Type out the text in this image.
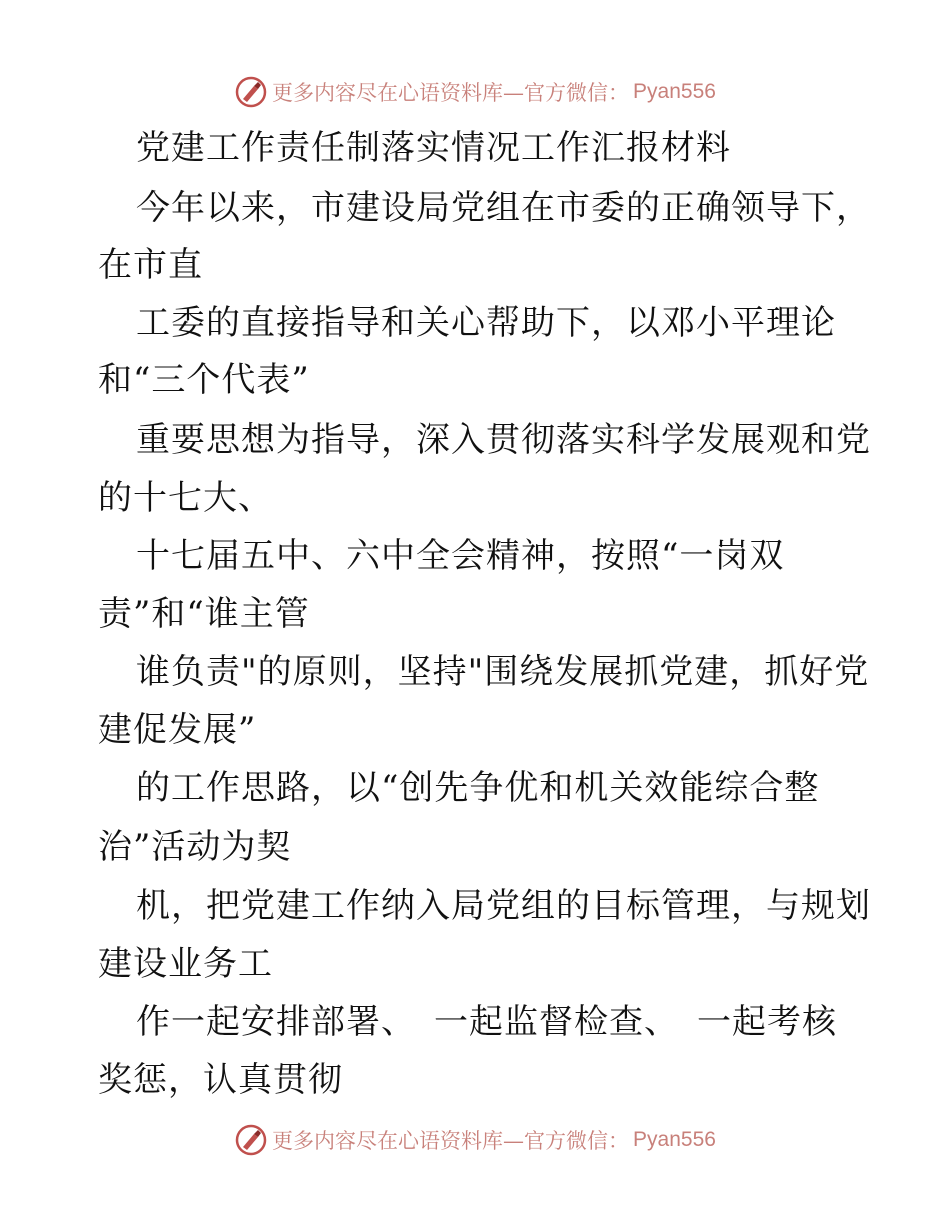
更多内容尽在心语资料库—官方微信： Pyan556
党建工作责任制落实情况工作汇报材料
今年以来，市建设局党组在市委的正确领导下，
在市直
工委的直接指导和关心帮助下，以邓小平理论
和“三个代表”
重要思想为指导，深入贯彻落实科学发展观和党
的十七大、
十七届五中、六中全会精神，按照“一岗双
责”和“谁主管
谁负责"的原则，坚持"围绕发展抓党建，抓好党
建促发展”
的工作思路，以“创先争优和机关效能综合整
治”活动为契
机，把党建工作纳入局党组的目标管理，与规划
建设业务工
作一起安排部署、　一起监督检查、　一起考核
奖惩，认真贯彻
更多内容尽在心语资料库—官方微信： Pyan556
